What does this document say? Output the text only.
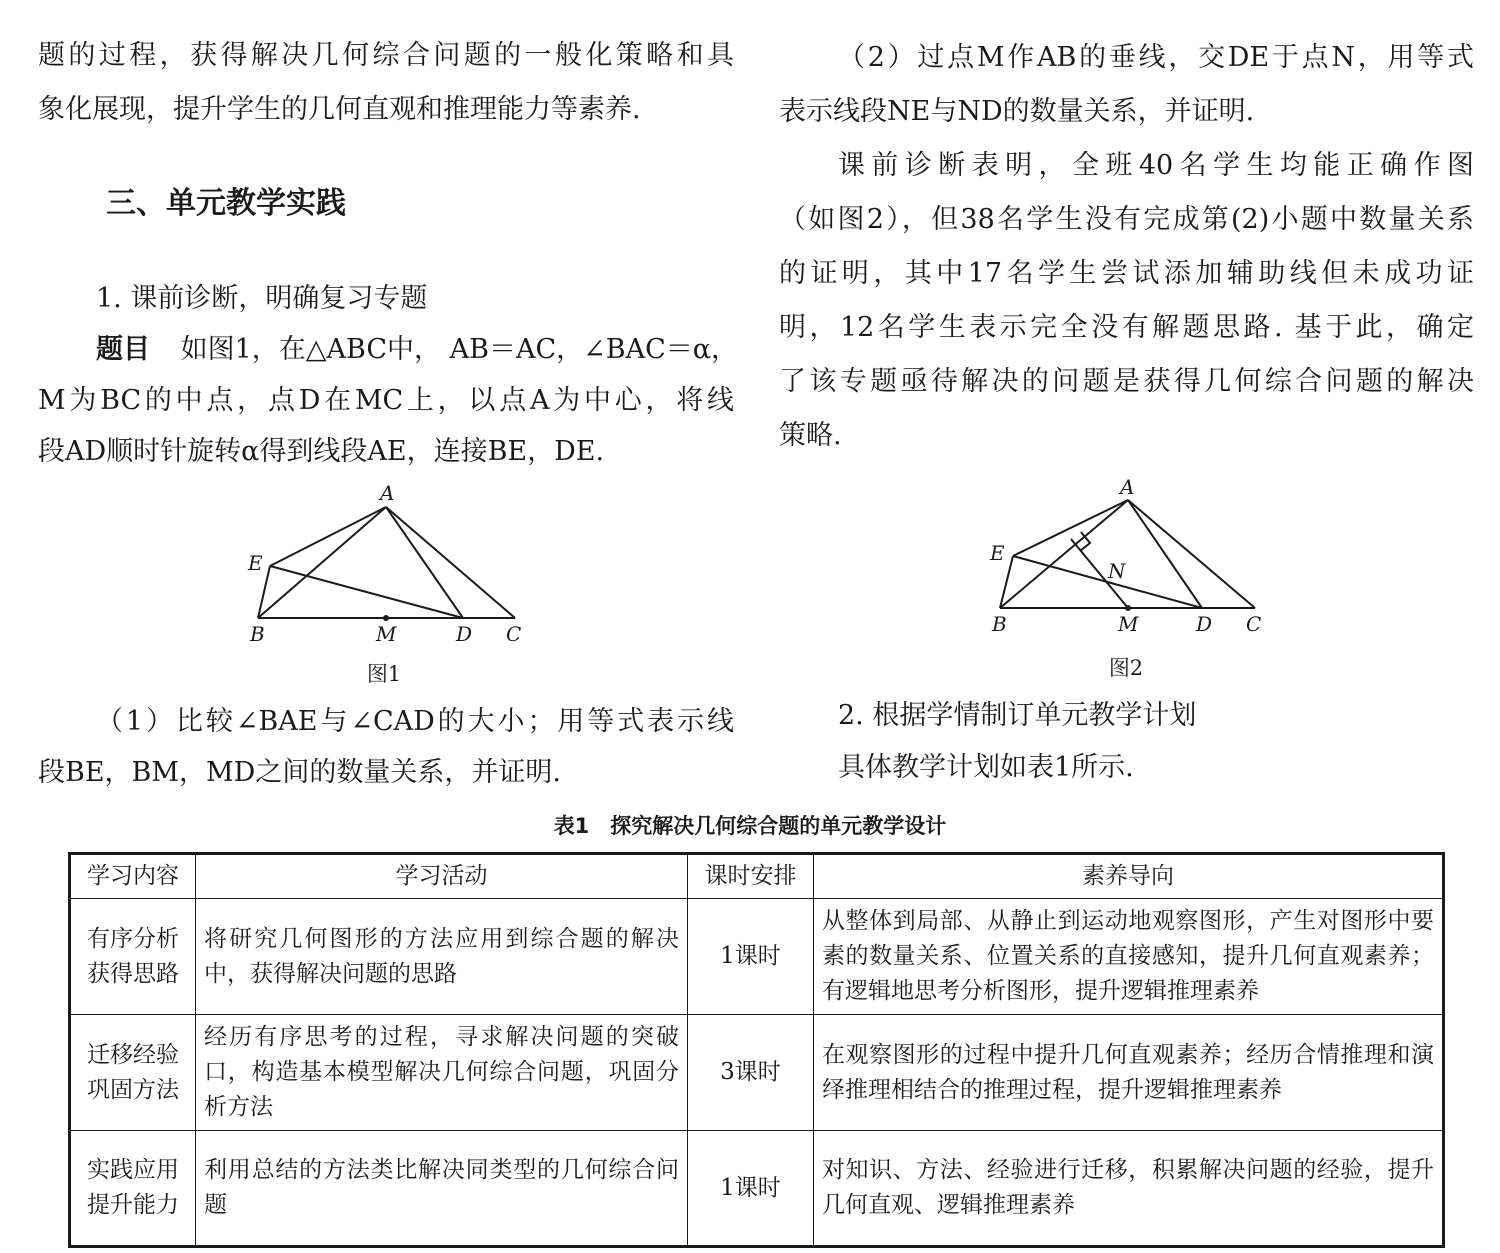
题的过程，获得解决几何综合问题的一般化策略和具
象化展现，提升学生的几何直观和推理能力等素养.
三、单元教学实践
1. 课前诊断，明确复习专题
题目 如图1，在△ABC中， AB＝AC，∠BAC＝α，
M为BC的中点，点D在MC上，以点A为中心，将线
段AD顺时针旋转α得到线段AE，连接BE，DE.
（1）比较∠BAE与∠CAD的大小；用等式表示线
段BE，BM，MD之间的数量关系，并证明.
A
E
B	M	D C
图1
（2）过点M作AB的垂线，交DE于点N，用等式
表示线段NE与ND的数量关系，并证明.
课前诊断表明，全班40名学生均能正确作图
（如图2），但38名学生没有完成第(2)小题中数量关系
的证明，其中17名学生尝试添加辅助线但未成功证
明，12名学生表示完全没有解题思路. 基于此，确定
了该专题亟待解决的问题是获得几何综合问题的解决
策略.
2. 根据学情制订单元教学计划
具体教学计划如表1所示.
A
E
B	M	D C
N
图2
表1　探究解决几何综合题的单元教学设计
学习内容	学习活动	课时安排	素养导向
有序分析获得思路	将研究几何图形的方法应用到综合题的解决中，获得解决问题的思路	1课时	从整体到局部、从静止到运动地观察图形，产生对图形中要素的数量关系、位置关系的直接感知，提升几何直观素养；有逻辑地思考分析图形，提升逻辑推理素养
迁移经验巩固方法	经历有序思考的过程，寻求解决问题的突破口，构造基本模型解决几何综合问题，巩固分析方法	3课时	在观察图形的过程中提升几何直观素养；经历合情推理和演绎推理相结合的推理过程，提升逻辑推理素养
实践应用提升能力	利用总结的方法类比解决同类型的几何综合问题	1课时	对知识、方法、经验进行迁移，积累解决问题的经验，提升几何直观、逻辑推理素养
